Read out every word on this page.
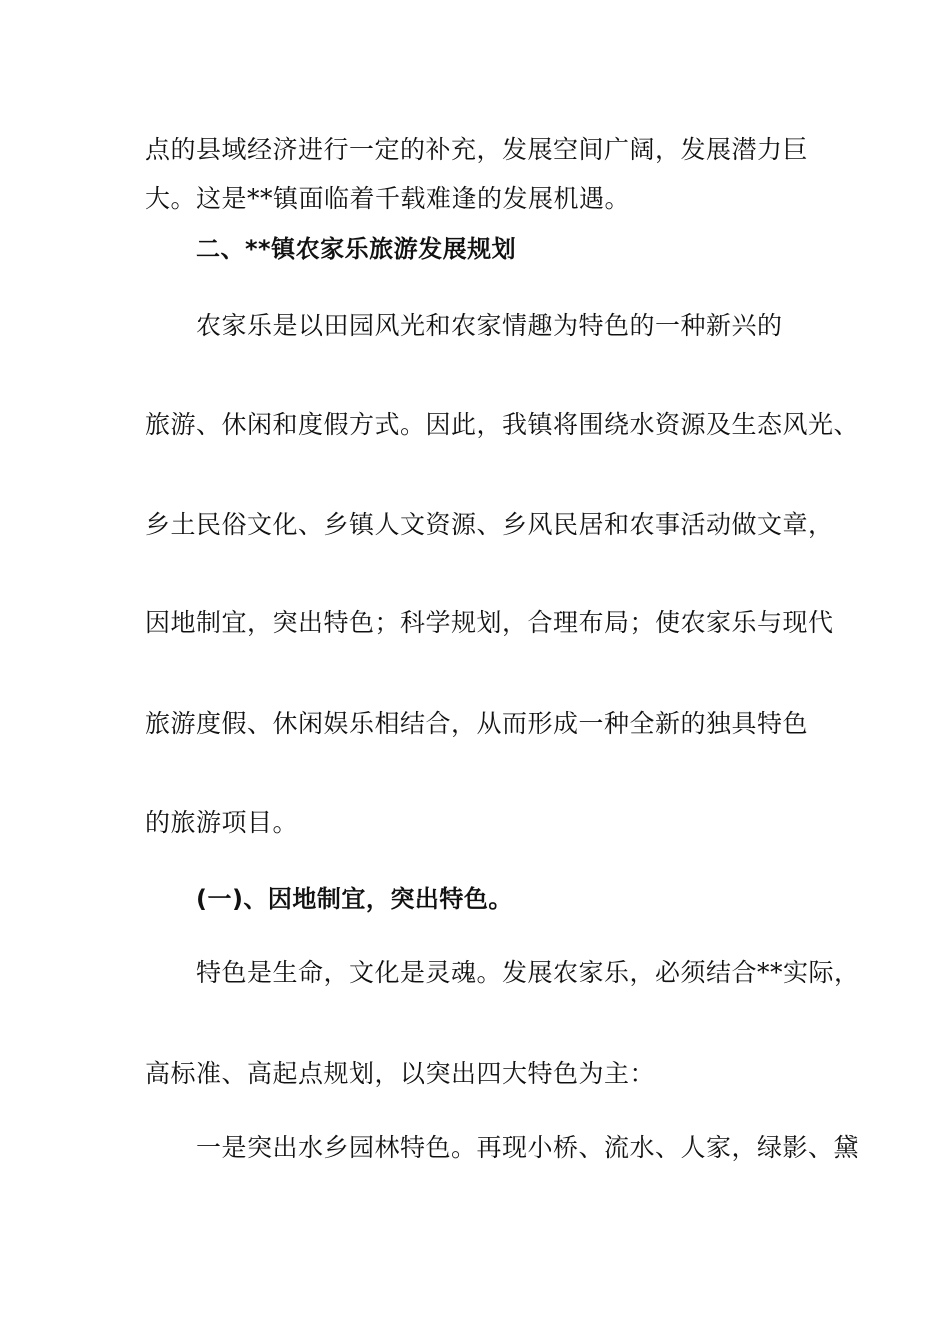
点的县域经济进行一定的补充，发展空间广阔，发展潜力巨
大。这是**镇面临着千载难逢的发展机遇。
二、**镇农家乐旅游发展规划
农家乐是以田园风光和农家情趣为特色的一种新兴的
旅游、休闲和度假方式。因此，我镇将围绕水资源及生态风光、
乡土民俗文化、乡镇人文资源、乡风民居和农事活动做文章，
因地制宜，突出特色；科学规划，合理布局；使农家乐与现代
旅游度假、休闲娱乐相结合，从而形成一种全新的独具特色
的旅游项目。
(一)、因地制宜，突出特色。
特色是生命，文化是灵魂。发展农家乐，必须结合**实际，
高标准、高起点规划，以突出四大特色为主：
一是突出水乡园林特色。再现小桥、流水、人家，绿影、黛
